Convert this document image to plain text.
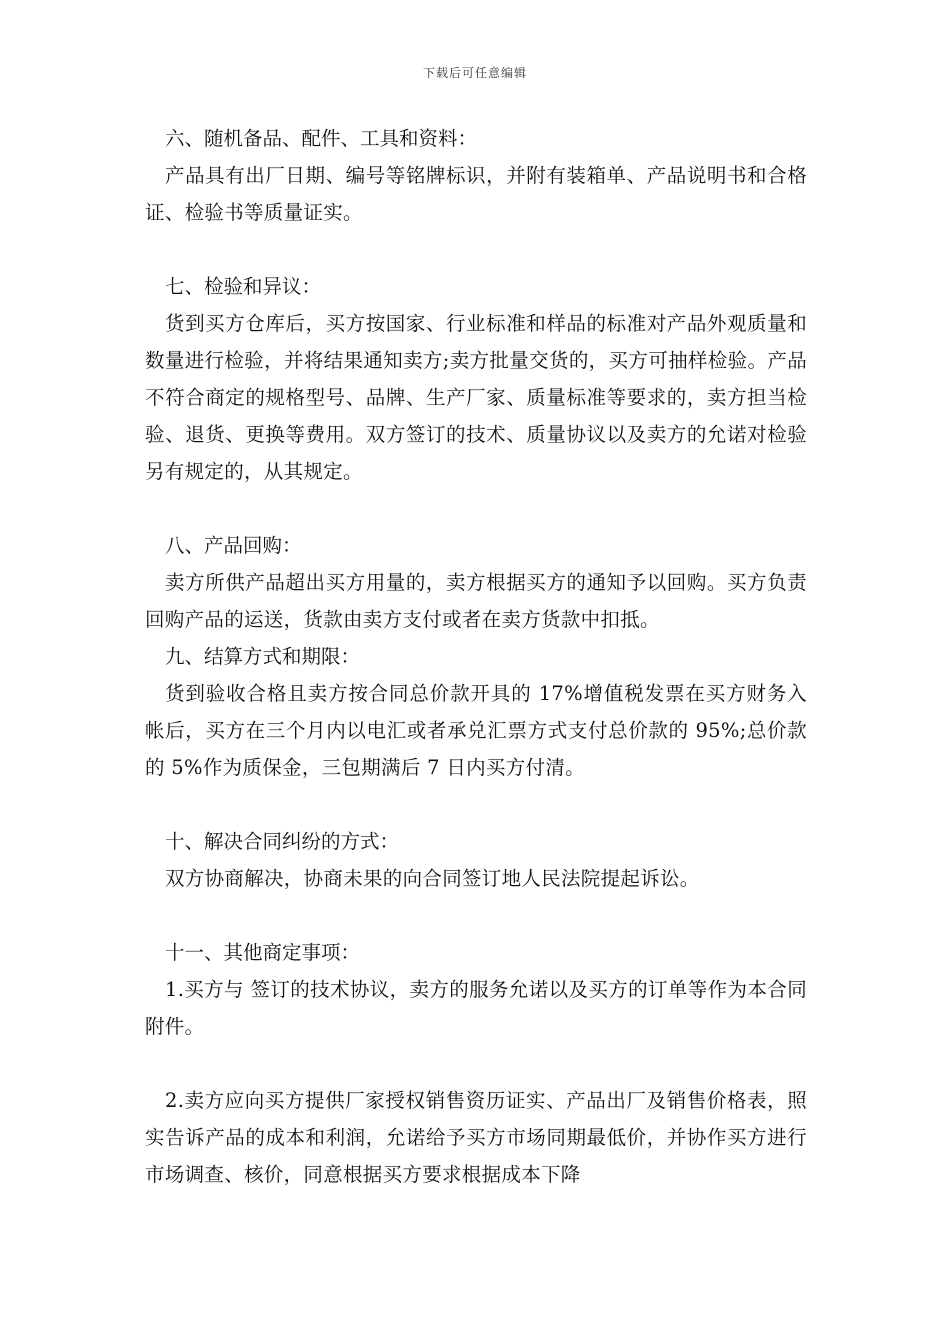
下载后可任意编辑
六、随机备品、配件、工具和资料：
产品具有出厂日期、编号等铭牌标识，并附有装箱单、产品说明书和合格证、检验书等质量证实。
七、检验和异议：
货到买方仓库后，买方按国家、行业标准和样品的标准对产品外观质量和数量进行检验，并将结果通知卖方;卖方批量交货的，买方可抽样检验。产品不符合商定的规格型号、品牌、生产厂家、质量标准等要求的，卖方担当检验、退货、更换等费用。双方签订的技术、质量协议以及卖方的允诺对检验另有规定的，从其规定。
八、产品回购：
卖方所供产品超出买方用量的，卖方根据买方的通知予以回购。买方负责回购产品的运送，货款由卖方支付或者在卖方货款中扣抵。
九、结算方式和期限：
货到验收合格且卖方按合同总价款开具的 17%增值税发票在买方财务入帐后，买方在三个月内以电汇或者承兑汇票方式支付总价款的 95%;总价款的 5%作为质保金，三包期满后 7 日内买方付清。
十、解决合同纠纷的方式：
双方协商解决，协商未果的向合同签订地人民法院提起诉讼。
十一、其他商定事项：
1.买方与 签订的技术协议，卖方的服务允诺以及买方的订单等作为本合同附件。
2.卖方应向买方提供厂家授权销售资历证实、产品出厂及销售价格表，照实告诉产品的成本和利润，允诺给予买方市场同期最低价，并协作买方进行市场调查、核价，同意根据买方要求根据成本下降
